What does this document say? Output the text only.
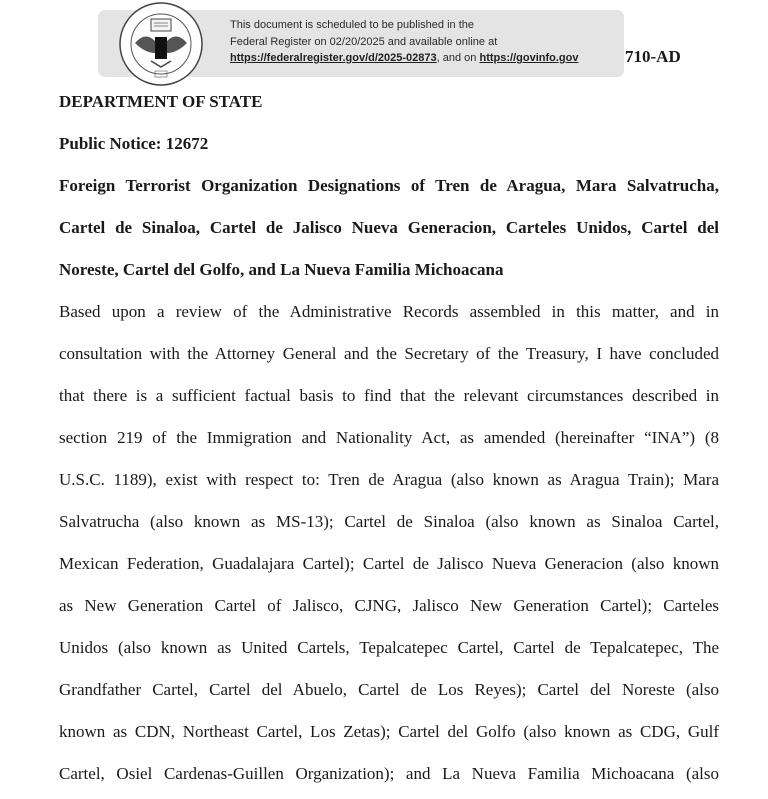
This document is scheduled to be published in the
Federal Register on 02/20/2025 and available online at
https://federalregister.gov/d/2025-02873, and on https://govinfo.gov	710-AD
DEPARTMENT OF STATE
Public Notice: 12672
Foreign Terrorist Organization Designations of Tren de Aragua, Mara Salvatrucha,
Cartel de Sinaloa, Cartel de Jalisco Nueva Generacion, Carteles Unidos, Cartel del
Noreste, Cartel del Golfo, and La Nueva Familia Michoacana
Based upon a review of the Administrative Records assembled in this matter, and in
consultation with the Attorney General and the Secretary of the Treasury, I have concluded
that there is a sufficient factual basis to find that the relevant circumstances described in
section 219 of the Immigration and Nationality Act, as amended (hereinafter “INA”) (8
U.S.C. 1189), exist with respect to: Tren de Aragua (also known as Aragua Train); Mara
Salvatrucha (also known as MS-13); Cartel de Sinaloa (also known as Sinaloa Cartel,
Mexican Federation, Guadalajara Cartel); Cartel de Jalisco Nueva Generacion (also known
as New Generation Cartel of Jalisco, CJNG, Jalisco New Generation Cartel); Carteles
Unidos (also known as United Cartels, Tepalcatepec Cartel, Cartel de Tepalcatepec, The
Grandfather Cartel, Cartel del Abuelo, Cartel de Los Reyes); Cartel del Noreste (also
known as CDN, Northeast Cartel, Los Zetas); Cartel del Golfo (also known as CDG, Gulf
Cartel, Osiel Cardenas-Guillen Organization); and La Nueva Familia Michoacana (also
